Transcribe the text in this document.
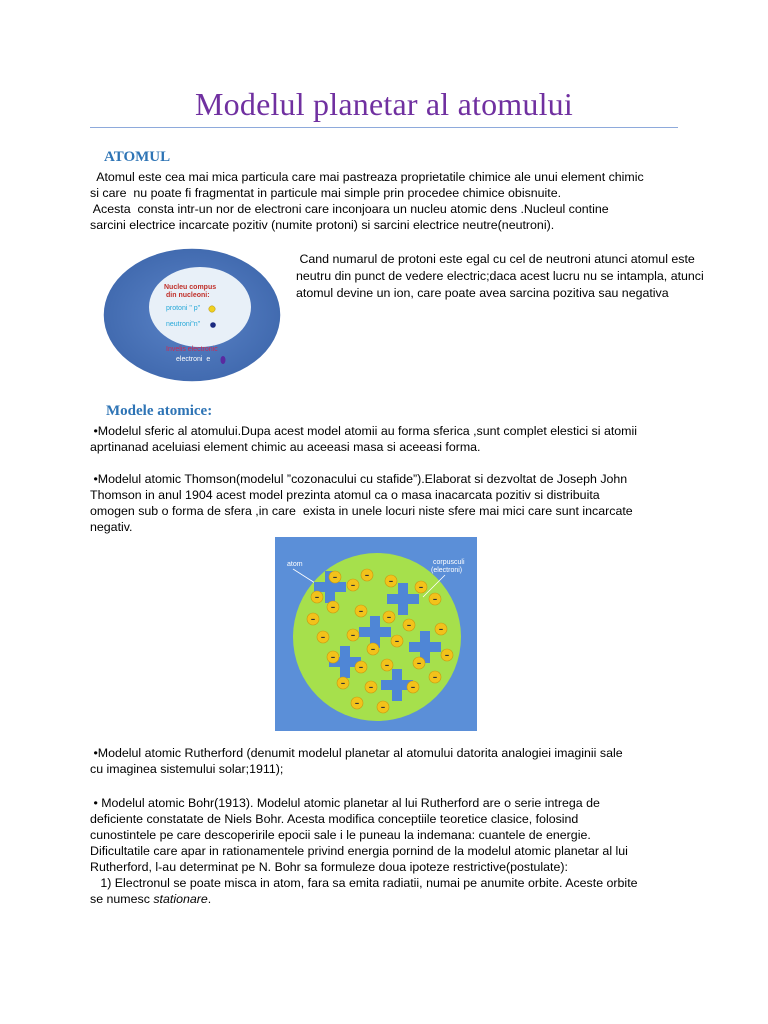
Modelul planetar al atomului
ATOMUL

Atomul este cea mai mica particula care mai pastreaza proprietatile chimice ale unui element chimic

si care  nu poate fi fragmentat in particule mai simple prin procedee chimice obisnuite.

Acesta  consta intr-un nor de electroni care inconjoara un nucleu atomic dens .Nucleul contine

sarcini electrice incarcate pozitiv (numite protoni) si sarcini electrice neutre(neutroni).

Nucleu compus
din nucleoni:
protoni " p"
neutroni"n"
Invelis electronic
electroni  e

Cand numarul de protoni este egal cu cel de neutroni atunci atomul este

neutru din punct de vedere electric;daca acest lucru nu se intampla, atunci

atomul devine un ion, care poate avea sarcina pozitiva sau negativa

Modele atomice:

•Modelul sferic al atomului.Dupa acest model atomii au forma sferica ,sunt complet elestici si atomii

aprtinanad aceluiasi element chimic au aceeasi masa si aceeasi forma.

•Modelul atomic Thomson(modelul ”cozonacului cu stafide”).Elaborat si dezvoltat de Joseph John

Thomson in anul 1904 acest model prezinta atomul ca o masa inacarcata pozitiv si distribuita

omogen sub o forma de sfera ,in care  exista in unele locuri niste sfere mai mici care sunt incarcate

negativ.

–
–
–
–
–
–
–
–
–	–
–
–	–
–	–
–
–
–
–
– –	–
–	–	–
–
–
–
atom	corpusculi
(electroni)

•Modelul atomic Rutherford (denumit modelul planetar al atomului datorita analogiei imaginii sale

cu imaginea sistemului solar;1911);

• Modelul atomic Bohr(1913). Modelul atomic planetar al lui Rutherford are o serie intrega de

deficiente constatate de Niels Bohr. Acesta modifica conceptiile teoretice clasice, folosind

cunostintele pe care descoperirile epocii sale i le puneau la indemana: cuantele de energie.

Dificultatile care apar in rationamentele privind energia pornind de la modelul atomic planetar al lui

Rutherford, l-au determinat pe N. Bohr sa formuleze doua ipoteze restrictive(postulate):

1) Electronul se poate misca in atom, fara sa emita radiatii, numai pe anumite orbite. Aceste orbite

se numesc stationare.
